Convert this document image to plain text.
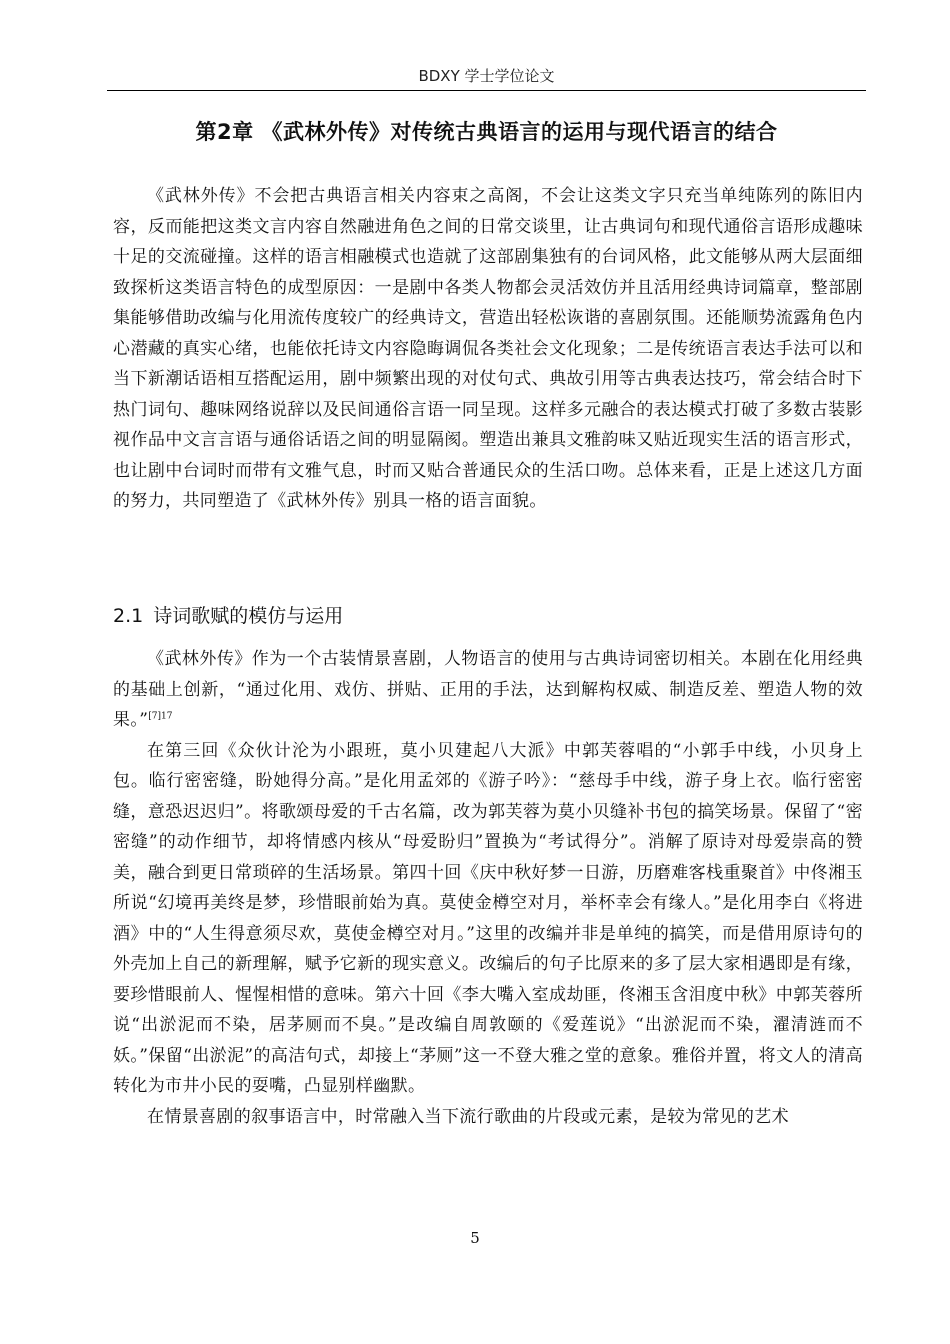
BDXY 学士学位论文
第2章 《武林外传》对传统古典语言的运用与现代语言的结合

《武林外传》不会把古典语言相关内容束之高阁，不会让这类文字只充当单纯陈列的陈旧内容，反而能把这类文言内容自然融进角色之间的日常交谈里，让古典词句和现代通俗言语形成趣味十足的交流碰撞。这样的语言相融模式也造就了这部剧集独有的台词风格，此文能够从两大层面细致探析这类语言特色的成型原因：一是剧中各类人物都会灵活效仿并且活用经典诗词篇章，整部剧集能够借助改编与化用流传度较广的经典诗文，营造出轻松诙谐的喜剧氛围。还能顺势流露角色内心潜藏的真实心绪，也能依托诗文内容隐晦调侃各类社会文化现象；二是传统语言表达手法可以和当下新潮话语相互搭配运用，剧中频繁出现的对仗句式、典故引用等古典表达技巧，常会结合时下热门词句、趣味网络说辞以及民间通俗言语一同呈现。这样多元融合的表达模式打破了多数古装影视作品中文言言语与通俗话语之间的明显隔阂。塑造出兼具文雅韵味又贴近现实生活的语言形式，也让剧中台词时而带有文雅气息，时而又贴合普通民众的生活口吻。总体来看，正是上述这几方面的努力，共同塑造了《武林外传》别具一格的语言面貌。

2.1 诗词歌赋的模仿与运用

《武林外传》作为一个古装情景喜剧，人物语言的使用与古典诗词密切相关。本剧在化用经典的基础上创新，“通过化用、戏仿、拼贴、正用的手法，达到解构权威、制造反差、塑造人物的效果。”$^{[7]17}$

在第三回《众伙计沦为小跟班，莫小贝建起八大派》中郭芙蓉唱的“小郭手中线，小贝身上包。临行密密缝，盼她得分高。”是化用孟郊的《游子吟》：“慈母手中线，游子身上衣。临行密密缝，意恐迟迟归”。将歌颂母爱的千古名篇，改为郭芙蓉为莫小贝缝补书包的搞笑场景。保留了“密密缝”的动作细节，却将情感内核从“母爱盼归”置换为“考试得分”。消解了原诗对母爱崇高的赞美，融合到更日常琐碎的生活场景。第四十回《庆中秋好梦一日游，历磨难客栈重聚首》中佟湘玉所说“幻境再美终是梦，珍惜眼前始为真。莫使金樽空对月，举杯幸会有缘人。”是化用李白《将进酒》中的“人生得意须尽欢，莫使金樽空对月。”这里的改编并非是单纯的搞笑，而是借用原诗句的外壳加上自己的新理解，赋予它新的现实意义。改编后的句子比原来的多了层大家相遇即是有缘，要珍惜眼前人、惺惺相惜的意味。第六十回《李大嘴入室成劫匪，佟湘玉含泪度中秋》中郭芙蓉所说“出淤泥而不染，居茅厕而不臭。”是改编自周敦颐的《爱莲说》“出淤泥而不染，濯清涟而不妖。”保留“出淤泥”的高洁句式，却接上“茅厕”这一不登大雅之堂的意象。雅俗并置，将文人的清高转化为市井小民的耍嘴，凸显别样幽默。

在情景喜剧的叙事语言中，时常融入当下流行歌曲的片段或元素，是较为常见的艺术

5
